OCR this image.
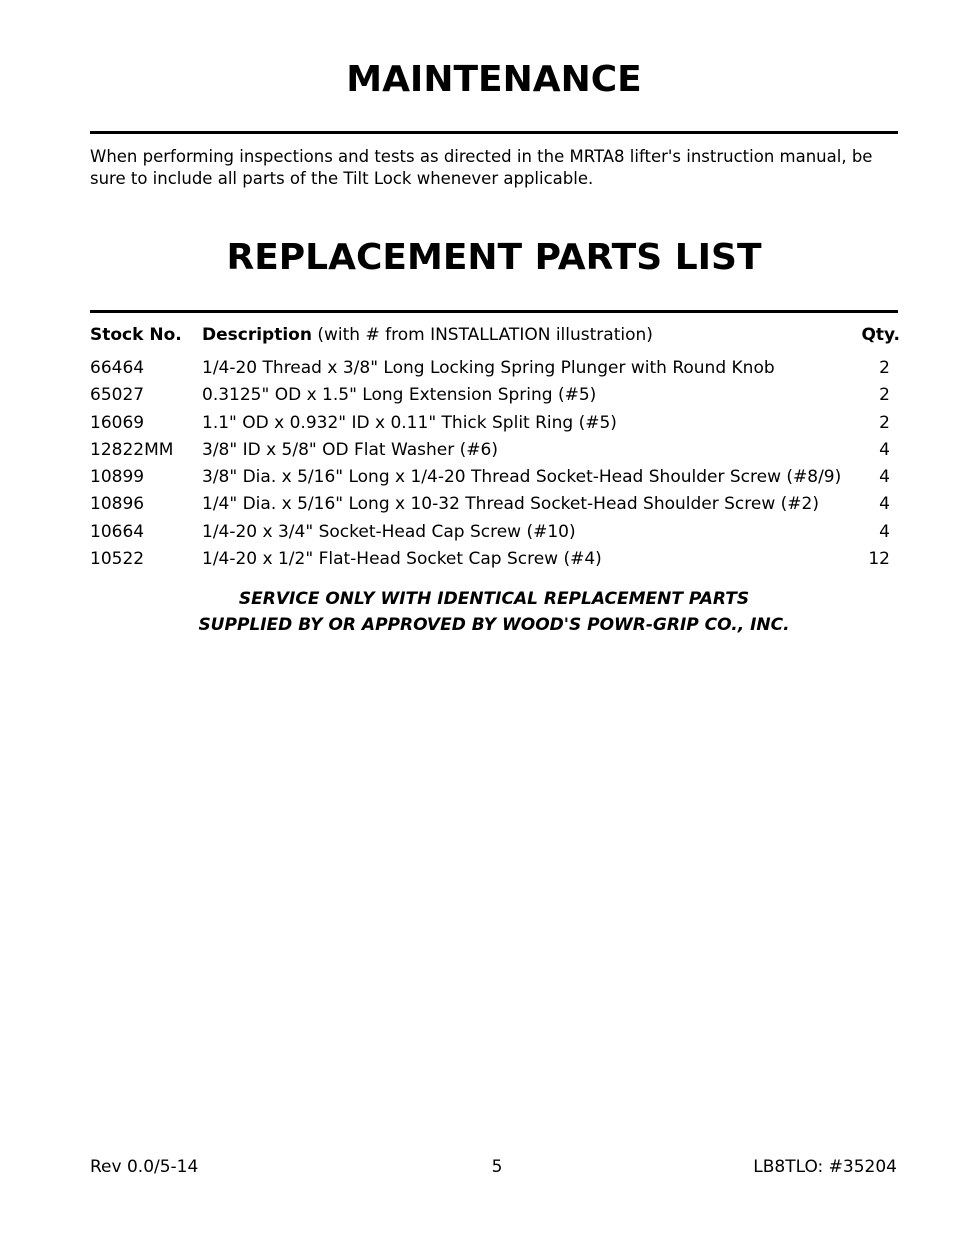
MAINTENANCE

When performing inspections and tests as directed in the MRTA8 lifter's instruction manual, be sure to include all parts of the Tilt Lock whenever applicable.

REPLACEMENT PARTS LIST
Stock No. Description (with # from INSTALLATION illustration)	Qty.
66464	1/4-20 Thread x 3/8" Long Locking Spring Plunger with Round Knob	2
65027	0.3125" OD x 1.5" Long Extension Spring (#5)	2
16069	1.1" OD x 0.932" ID x 0.11" Thick Split Ring (#5)	2
12822MM 3/8" ID x 5/8" OD Flat Washer (#6)	4
10899	3/8" Dia. x 5/16" Long x 1/4-20 Thread Socket-Head Shoulder Screw (#8/9) 4
10896	1/4" Dia. x 5/16" Long x 10-32 Thread Socket-Head Shoulder Screw (#2)	4
10664	1/4-20 x 3/4" Socket-Head Cap Screw (#10)	4
10522	1/4-20 x 1/2" Flat-Head Socket Cap Screw (#4)	12
SERVICE ONLY WITH IDENTICAL REPLACEMENT PARTS
SUPPLIED BY OR APPROVED BY WOOD'S POWR-GRIP CO., INC.
Rev 0.0/5-14	5	LB8TLO: #35204
